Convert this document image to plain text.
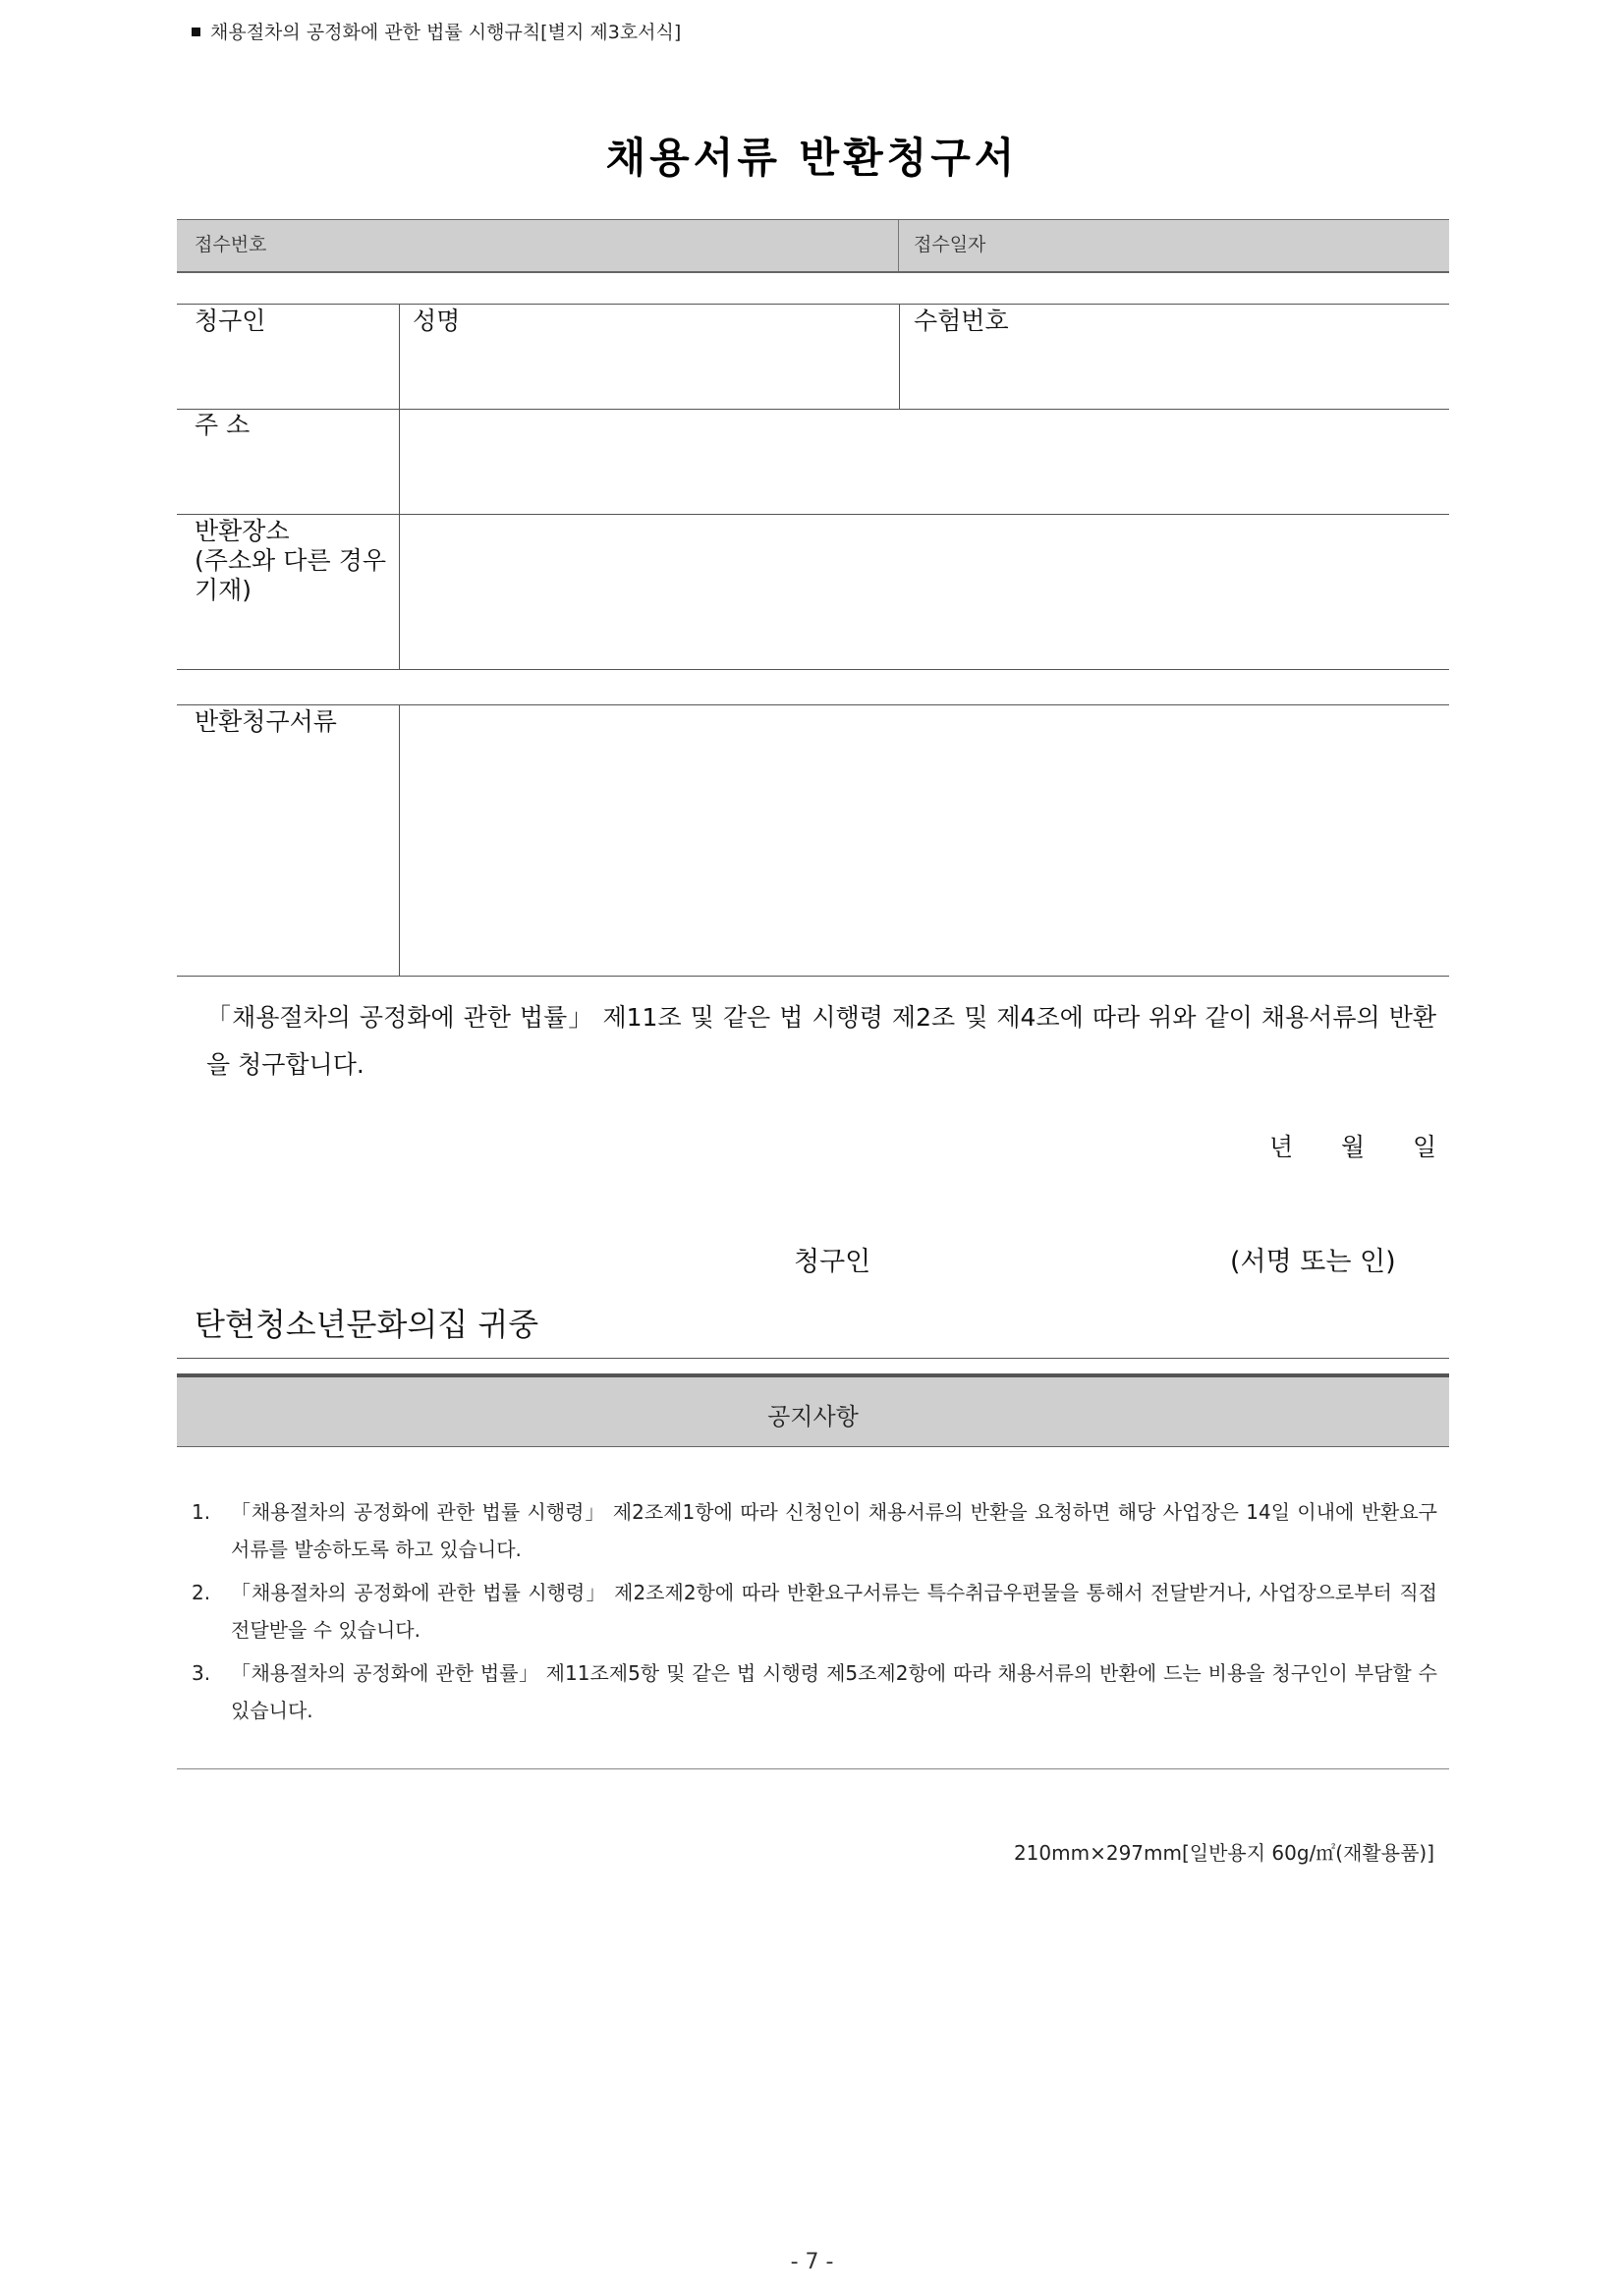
채용절차의 공정화에 관한 법률 시행규칙[별지 제3호서식]
채용서류 반환청구서
접수번호	접수일자
청구인	성명	수험번호
주 소
반환장소
(주소와 다른 경우 기재)
반환청구서류
「채용절차의 공정화에 관한 법률」 제11조 및 같은 법 시행령 제2조 및 제4조에 따라 위와 같이 채용서류의 반환을 청구합니다.
년 월 일
청구인	(서명 또는 인)
탄현청소년문화의집 귀중
공지사항
1.	「채용절차의 공정화에 관한 법률 시행령」 제2조제1항에 따라 신청인이 채용서류의 반환을 요청하면 해당 사업장은 14일 이내에 반환요구서류를 발송하도록 하고 있습니다.
2.	「채용절차의 공정화에 관한 법률 시행령」 제2조제2항에 따라 반환요구서류는 특수취급우편물을 통해서 전달받거나, 사업장으로부터 직접 전달받을 수 있습니다.
3.	「채용절차의 공정화에 관한 법률」 제11조제5항 및 같은 법 시행령 제5조제2항에 따라 채용서류의 반환에 드는 비용을 청구인이 부담할 수 있습니다.
210mm×297mm[일반용지 60g/㎡(재활용품)]
- 7 -
